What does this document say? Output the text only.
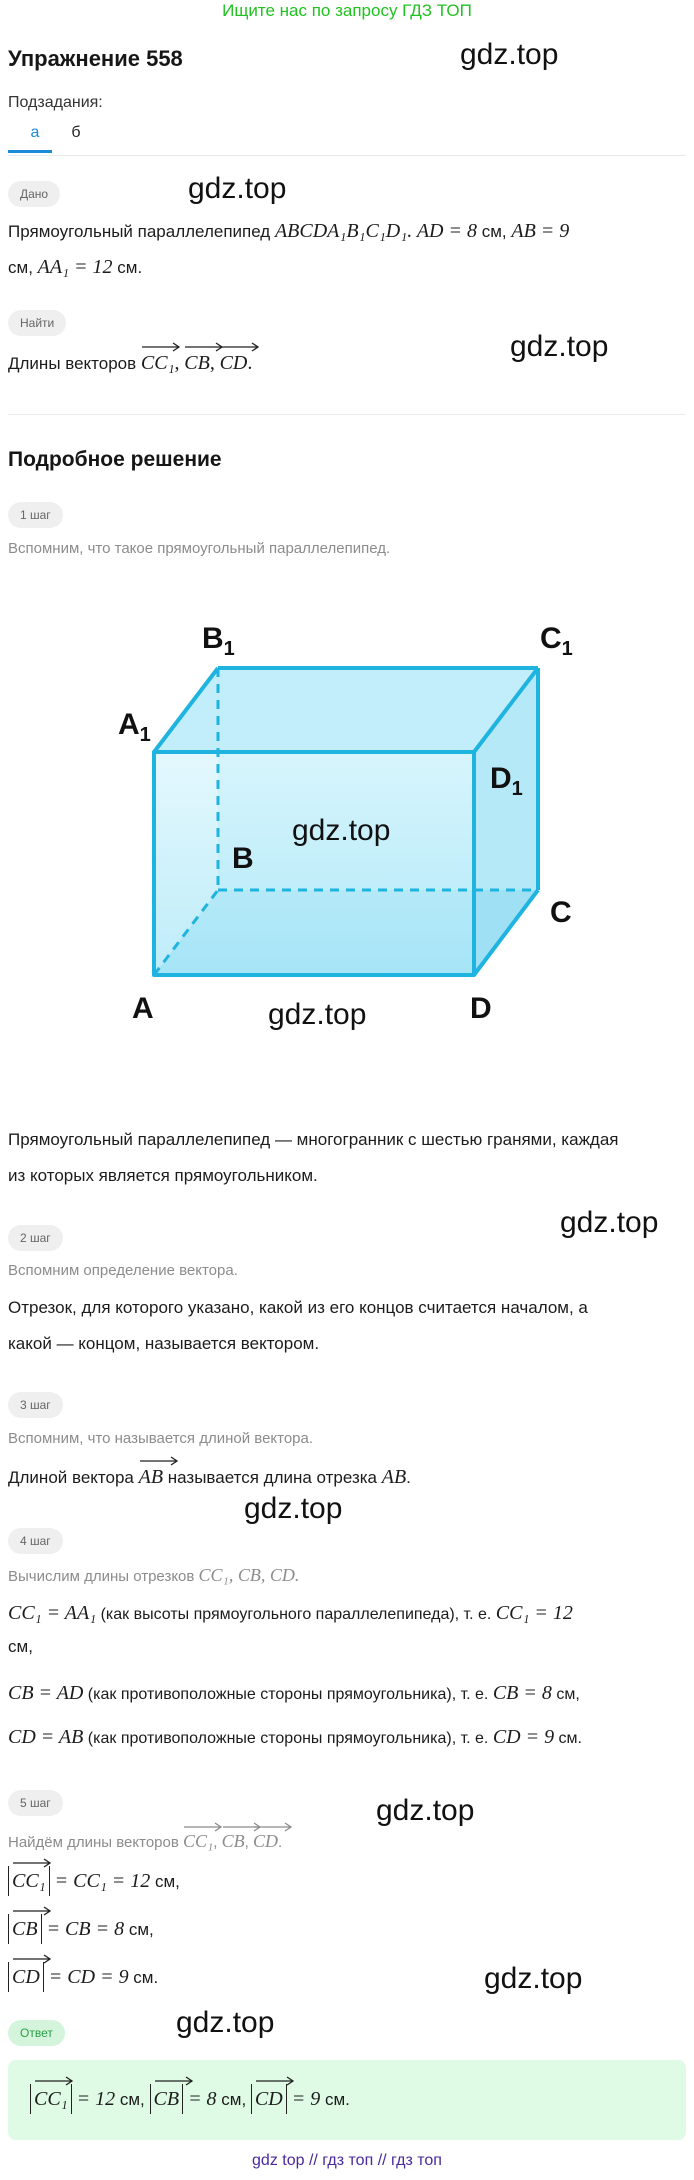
Ищите нас по запросу ГДЗ ТОП
Упражнение 558	gdz.top
Подзадания:
а	б
Дано	gdz.top
Прямоугольный параллелепипед ABCDA₁B₁C₁D₁. AD = 8 см, AB = 9
см, AA₁ = 12 см.
Найти
gdz.top
Длины векторов
CC₁, CB, CD.
Подробное решение
1 шаг
Вспомним, что такое прямоугольный параллелепипед.
A
B
C
D
$A_1$
$B_1$	$C_1$
$D_1$
gdz.top
gdz.top
Прямоугольный параллелепипед — многогранник с шестью гранями, каждая
из которых является прямоугольником.
gdz.top
2 шаг
Вспомним определение вектора.
Отрезок, для которого указано, какой из его концов считается началом, а
какой — концом, называется вектором.
3 шаг
Вспомним, что называется длиной вектора.
Длиной вектора
AB называется длина отрезка AB.
gdz.top
4 шаг
Вычислим длины отрезков CC₁, CB, CD.
CC₁ = AA₁ (как высоты прямоугольного параллелепипеда), т. е. CC₁ = 12
см,
CB = AD (как противоположные стороны прямоугольника), т. е. CB = 8 см,
CD = AB (как противоположные стороны прямоугольника), т. е. CD = 9 см.
5 шаг	gdz.top
Найдём длины векторов
CC₁,
CB,
CD.
CC₁ = CC₁ = 12 см,
CB = CB = 8 см,
gdz.top
CD = CD = 9 см.
Ответ	gdz.top
CC₁ = 12 см,
CB = 8 см,
CD = 9 см.
gdz top // гдз топ // гдз топ
